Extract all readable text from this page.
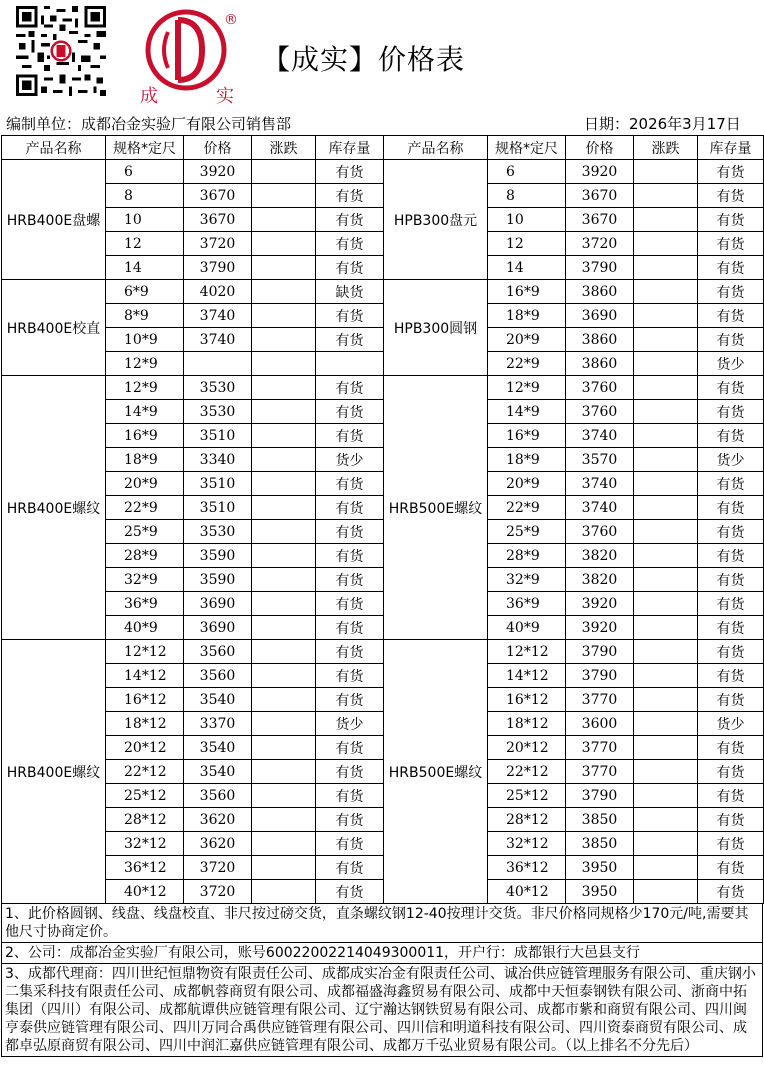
®
成	实
【成实】价格表
编制单位：成都冶金实验厂有限公司销售部	日期：2026年3月17日
产品名称	规格*定尺	价格	涨跌	库存量	产品名称	规格*定尺	价格	涨跌	库存量
HRB400E盘螺	6	3920		有货	HPB300盘元	6	3920		有货
	8	3670		有货		8	3670		有货
	10	3670		有货		10	3670		有货
	12	3720		有货		12	3720		有货
	14	3790		有货		14	3790		有货
HRB400E校直	6*9	4020		缺货	HPB300圆钢	16*9	3860		有货
	8*9	3740		有货		18*9	3690		有货
	10*9	3740		有货		20*9	3860		有货
	12*9					22*9	3860		货少
HRB400E螺纹	12*9	3530		有货	HRB500E螺纹	12*9	3760		有货
	14*9	3530		有货		14*9	3760		有货
	16*9	3510		有货		16*9	3740		有货
	18*9	3340		货少		18*9	3570		货少
	20*9	3510		有货		20*9	3740		有货
	22*9	3510		有货		22*9	3740		有货
	25*9	3530		有货		25*9	3760		有货
	28*9	3590		有货		28*9	3820		有货
	32*9	3590		有货		32*9	3820		有货
	36*9	3690		有货		36*9	3920		有货
	40*9	3690		有货		40*9	3920		有货
HRB400E螺纹	12*12	3560		有货	HRB500E螺纹	12*12	3790		有货
	14*12	3560		有货		14*12	3790		有货
	16*12	3540		有货		16*12	3770		有货
	18*12	3370		货少		18*12	3600		货少
	20*12	3540		有货		20*12	3770		有货
	22*12	3540		有货		22*12	3770		有货
	25*12	3560		有货		25*12	3790		有货
	28*12	3620		有货		28*12	3850		有货
	32*12	3620		有货		32*12	3850		有货
	36*12	3720		有货		36*12	3950		有货
	40*12	3720		有货		40*12	3950		有货
1、此价格圆钢、线盘、线盘校直、非尺按过磅交货，直条螺纹钢12-40按理计交货。非尺价格同规格少170元/吨,需要其他尺寸协商定价。
2、公司：成都冶金实验厂有限公司，账号60022002214049300011，开户行：成都银行大邑县支行
3、成都代理商：四川世纪恒鼎物资有限责任公司、成都成实冶金有限责任公司、诚冶供应链管理服务有限公司、重庆钢小二集采科技有限责任公司、成都帆蓉商贸有限公司、成都福盛海鑫贸易有限公司、成都中天恒泰钢铁有限公司、浙商中拓集团（四川）有限公司、成都航谭供应链管理有限公司、辽宁瀚达钢铁贸易有限公司、成都市紫和商贸有限公司、四川闽亨泰供应链管理有限公司、四川万同合禹供应链管理有限公司、四川信和明道科技有限公司、四川资泰商贸有限公司、成都卓弘原商贸有限公司、四川中润汇嘉供应链管理有限公司、成都万千弘业贸易有限公司。（以上排名不分先后）
